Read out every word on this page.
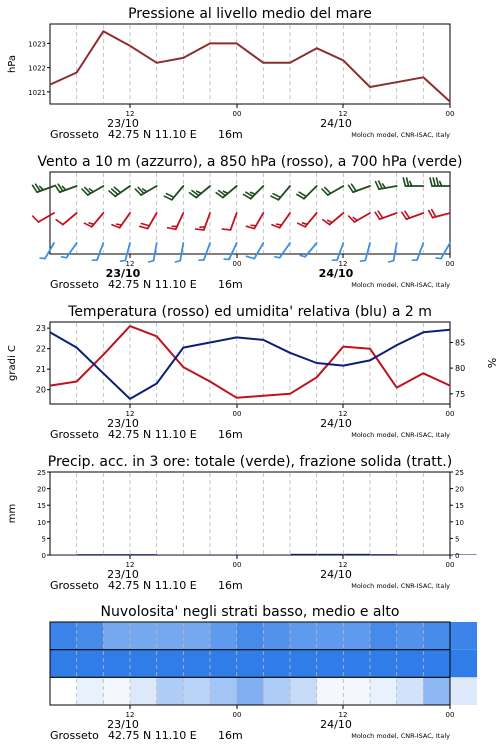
Pressione al livello medio del mare
1021
1022
1023
hPa
12	00	12	00
23/10	24/10
Grosseto 42.75 N 11.10 E 16m	Moloch model, CNR-ISAC, Italy
Vento a 10 m (azzurro), a 850 hPa (rosso), a 700 hPa (verde)
12	00	12	00
23/10	24/10
Grosseto 42.75 N 11.10 E 16m	Moloch model, CNR-ISAC, Italy
Temperatura (rosso) ed umidita' relativa (blu) a 2 m
20
21
22
23
75
80
85
gradi C	%
12	00	12	00
23/10	24/10
Grosseto 42.75 N 11.10 E 16m	Moloch model, CNR-ISAC, Italy
Precip. acc. in 3 ore: totale (verde), frazione solida (tratt.)
0
5
10
15
20
25
0
5
10
15
20
25
mm
12	00	12	00
23/10	24/10
Grosseto 42.75 N 11.10 E 16m	Moloch model, CNR-ISAC, Italy
Nuvolosita' negli strati basso, medio e alto
12	00	12	00
23/10	24/10
Grosseto 42.75 N 11.10 E 16m	Moloch model, CNR-ISAC, Italy
